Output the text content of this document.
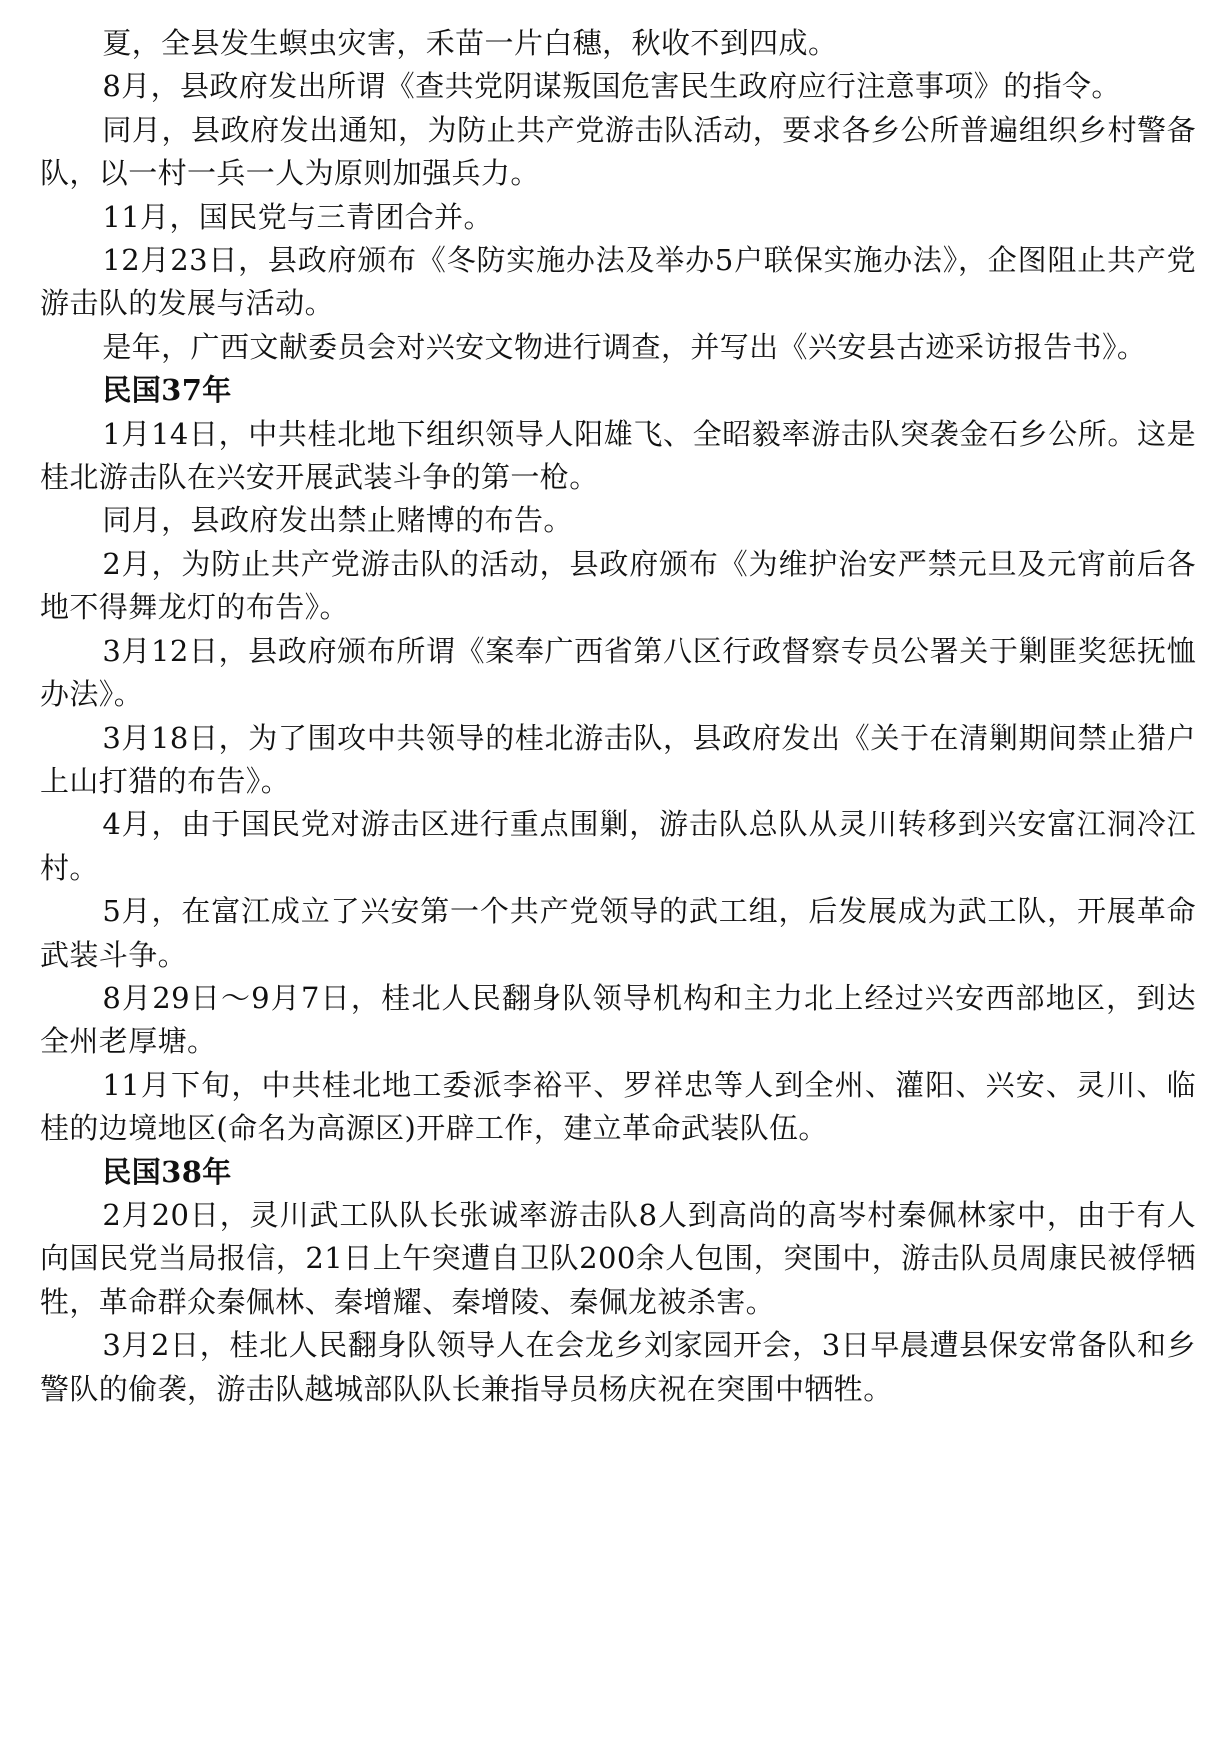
夏，全县发生螟虫灾害，禾苗一片白穗，秋收不到四成。

8月，县政府发出所谓《查共党阴谋叛国危害民生政府应行注意事项》的指令。

同月，县政府发出通知，为防止共产党游击队活动，要求各乡公所普遍组织乡村警备队，以一村一兵一人为原则加强兵力。

11月，国民党与三青团合并。

12月23日，县政府颁布《冬防实施办法及举办5户联保实施办法》，企图阻止共产党游击队的发展与活动。

是年，广西文献委员会对兴安文物进行调查，并写出《兴安县古迹采访报告书》。

民国37年

1月14日，中共桂北地下组织领导人阳雄飞、全昭毅率游击队突袭金石乡公所。这是桂北游击队在兴安开展武装斗争的第一枪。

同月，县政府发出禁止赌博的布告。

2月，为防止共产党游击队的活动，县政府颁布《为维护治安严禁元旦及元宵前后各地不得舞龙灯的布告》。

3月12日，县政府颁布所谓《案奉广西省第八区行政督察专员公署关于剿匪奖惩抚恤办法》。

3月18日，为了围攻中共领导的桂北游击队，县政府发出《关于在清剿期间禁止猎户上山打猎的布告》。

4月，由于国民党对游击区进行重点围剿，游击队总队从灵川转移到兴安富江洞冷江村。

5月，在富江成立了兴安第一个共产党领导的武工组，后发展成为武工队，开展革命武装斗争。

8月29日～9月7日，桂北人民翻身队领导机构和主力北上经过兴安西部地区，到达全州老厚塘。

11月下旬，中共桂北地工委派李裕平、罗祥忠等人到全州、灌阳、兴安、灵川、临桂的边境地区(命名为高源区)开辟工作，建立革命武装队伍。

民国38年

2月20日，灵川武工队队长张诚率游击队8人到高尚的高岑村秦佩林家中，由于有人向国民党当局报信，21日上午突遭自卫队200余人包围，突围中，游击队员周康民被俘牺牲，革命群众秦佩林、秦增耀、秦增陵、秦佩龙被杀害。

3月2日，桂北人民翻身队领导人在会龙乡刘家园开会，3日早晨遭县保安常备队和乡警队的偷袭，游击队越城部队队长兼指导员杨庆祝在突围中牺牲。
